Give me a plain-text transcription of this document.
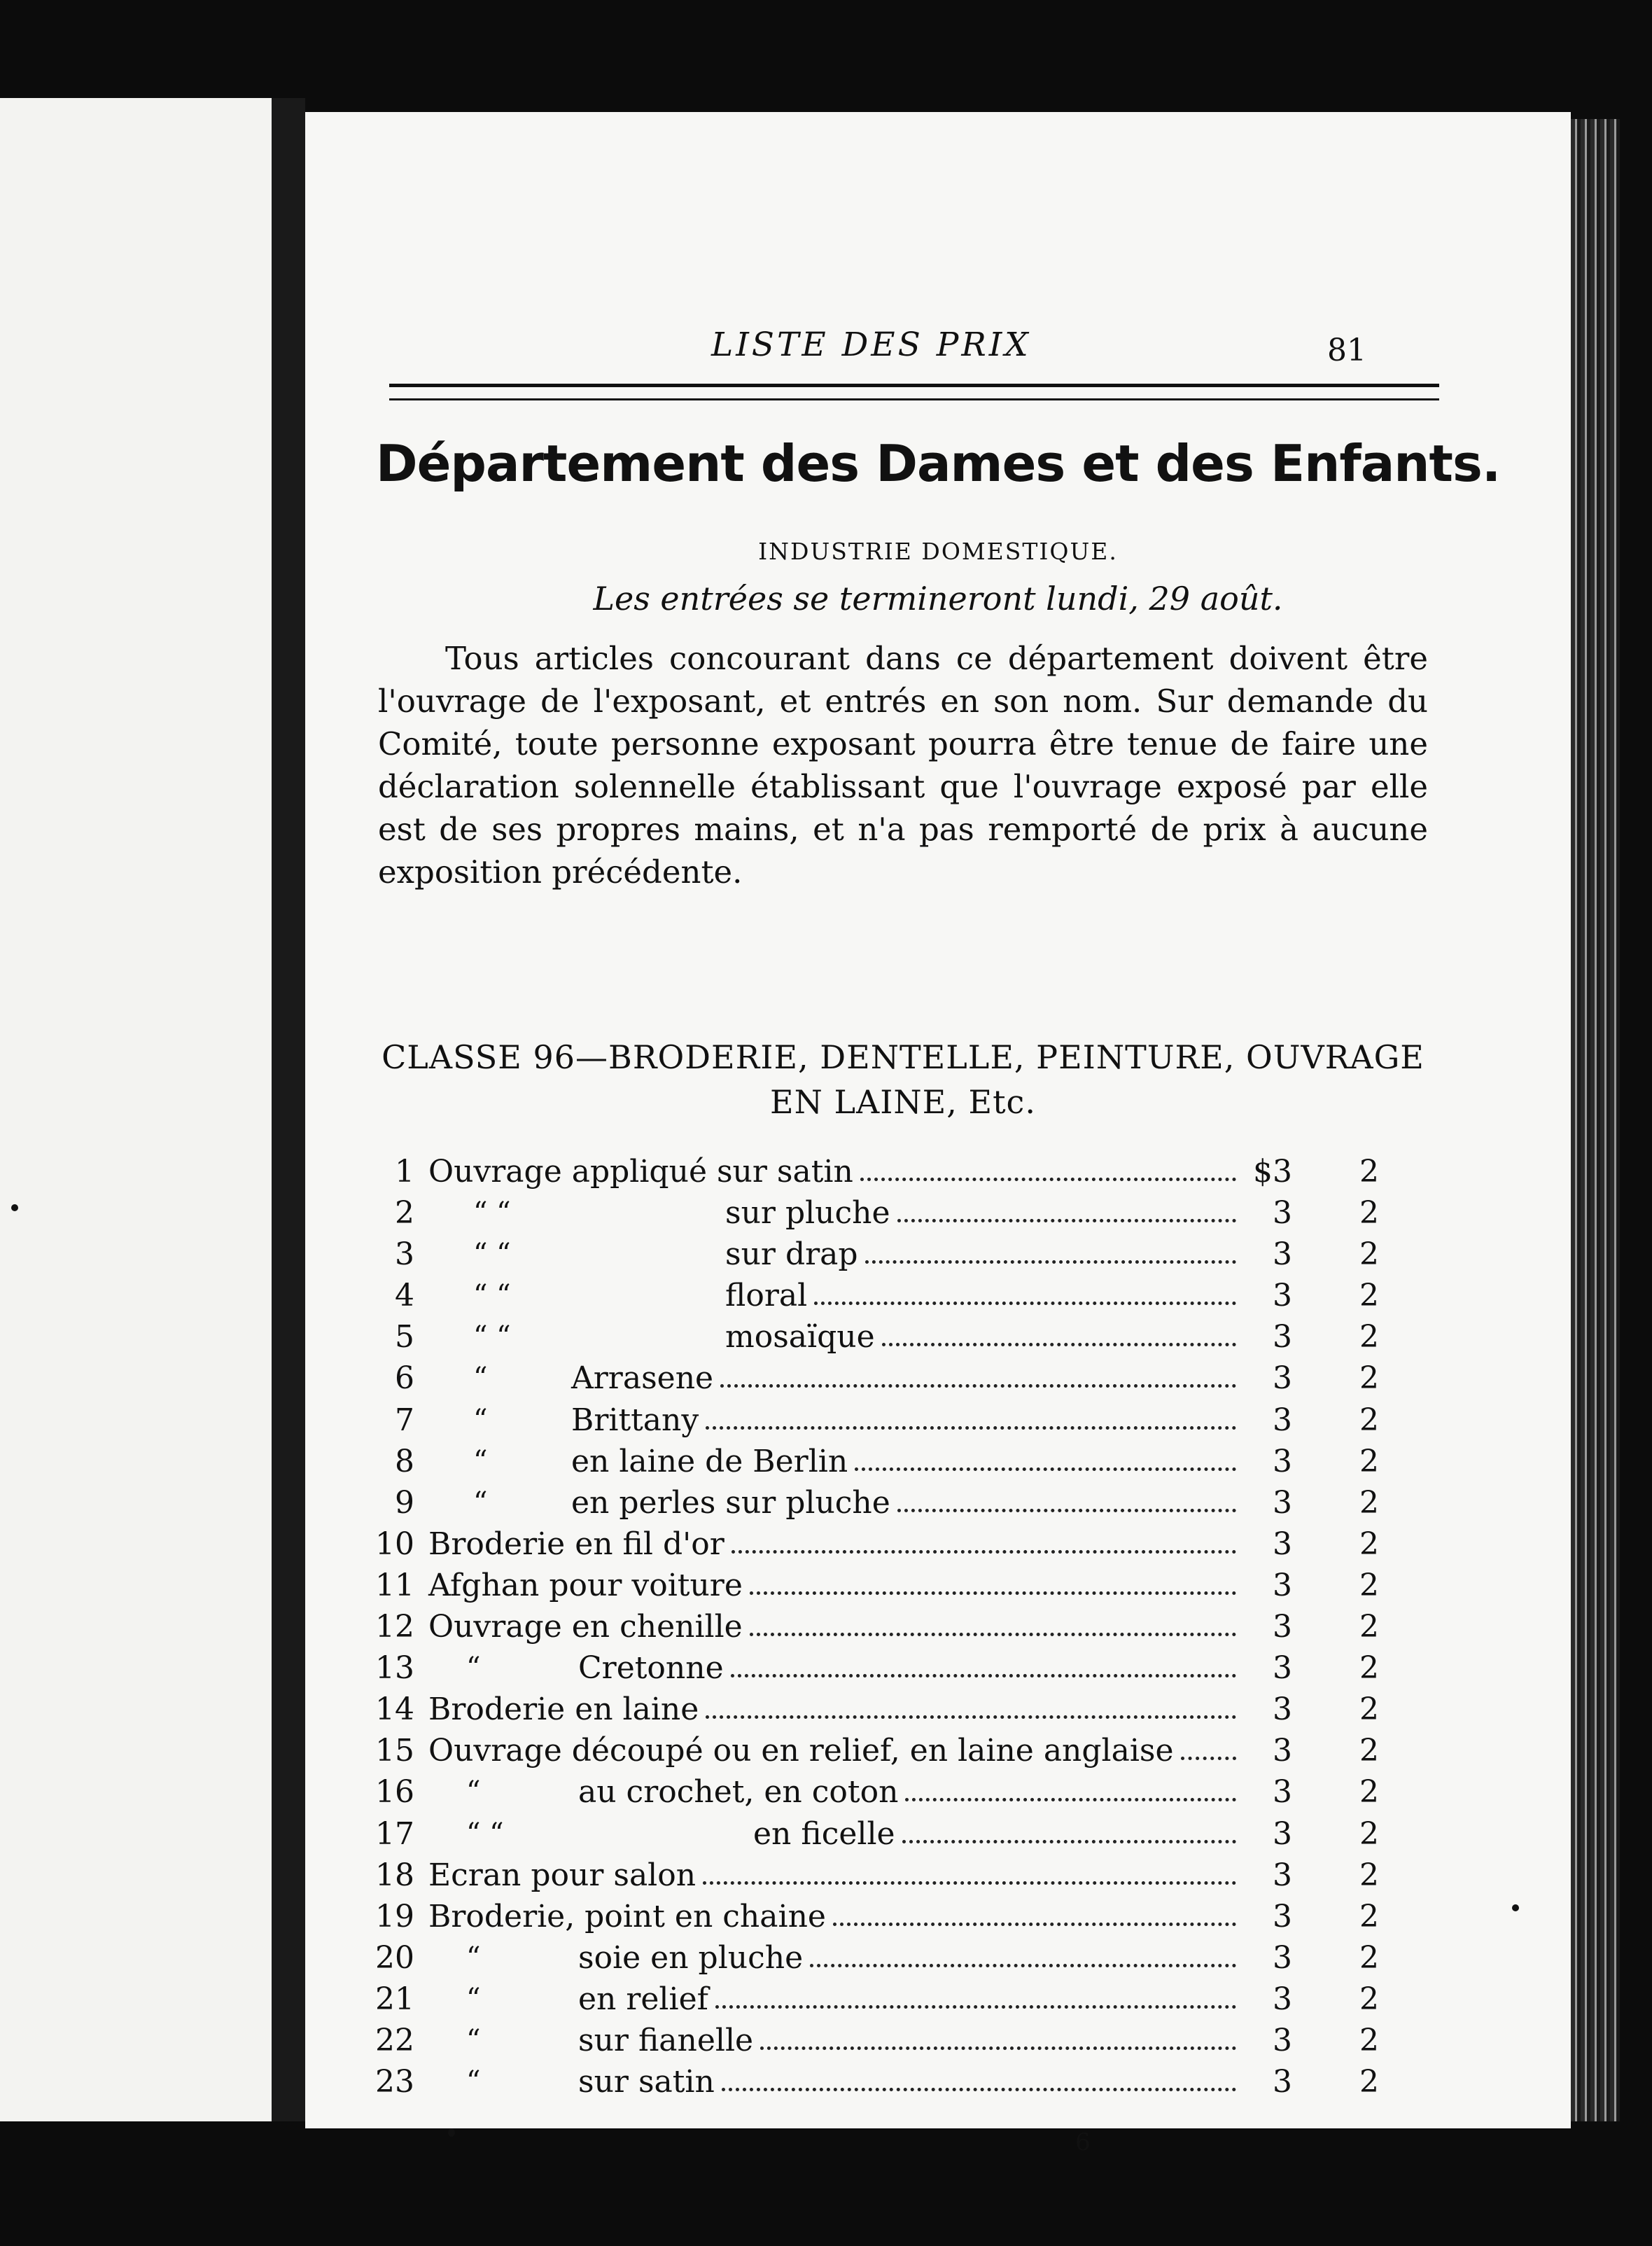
LISTE DES PRIX	81
Département des Dames et des Enfants.
INDUSTRIE DOMESTIQUE.
Les entrées se termineront lundi, 29 août.
Tous articles concourant dans ce département doivent être l'ouvrage de l'exposant, et entrés en son nom. Sur demande du Comité, toute personne exposant pourra être tenue de faire une déclaration solennelle établissant que l'ouvrage exposé par elle est de ses propres mains, et n'a pas remporté de prix à aucune exposition précédente.
CLASSE 96—BRODERIE, DENTELLE, PEINTURE, OUVRAGE EN LAINE, Etc.
1 Ouvrage appliqué sur satin	$3	2
2 “ “	sur pluche	3	2
3 “ “	sur drap	3	2
4 “ “	floral	3	2
5 “ “	mosaïque	3	2
6 “	Arrasene	3	2
7 “	Brittany	3	2
8 “	en laine de Berlin	3	2
9 “	en perles sur pluche	3	2
10 Broderie en fil d'or	3	2
11 Afghan pour voiture	3	2
12 Ouvrage en chenille	3	2
13 “	Cretonne	3	2
14 Broderie en laine	3	2
15 Ouvrage découpé ou en relief, en laine anglaise	3	2
16 “	au crochet, en coton	3	2
17 “ “	en ficelle	3	2
18 Ecran pour salon	3	2
19 Broderie, point en chaine	3	2
20 “	soie en pluche	3	2
21 “	en relief	3	2
22 “	sur fianelle	3	2
23 “	sur satin	3	2
6
